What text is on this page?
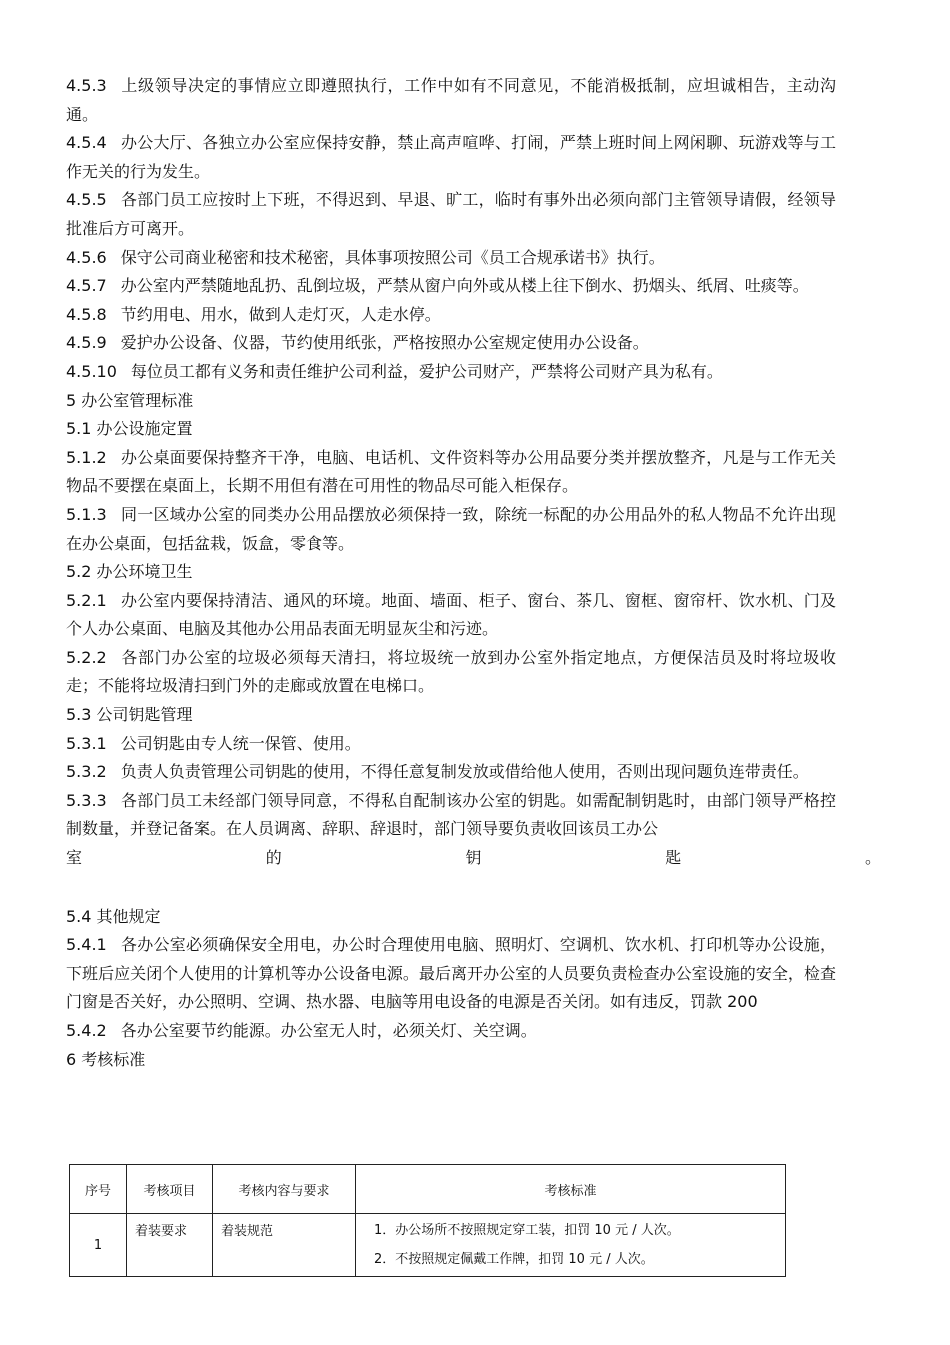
4.5.3 上级领导决定的事情应立即遵照执行，工作中如有不同意见，不能消极抵制，应坦诚相告，主动沟通。

4.5.4 办公大厅、各独立办公室应保持安静，禁止高声喧哗、打闹，严禁上班时间上网闲聊、玩游戏等与工作无关的行为发生。

4.5.5 各部门员工应按时上下班，不得迟到、早退、旷工，临时有事外出必须向部门主管领导请假，经领导批准后方可离开。

4.5.6 保守公司商业秘密和技术秘密，具体事项按照公司《员工合规承诺书》执行。

4.5.7 办公室内严禁随地乱扔、乱倒垃圾，严禁从窗户向外或从楼上往下倒水、扔烟头、纸屑、吐痰等。

4.5.8 节约用电、用水，做到人走灯灭，人走水停。

4.5.9 爱护办公设备、仪器，节约使用纸张，严格按照办公室规定使用办公设备。

4.5.10 每位员工都有义务和责任维护公司利益，爱护公司财产，严禁将公司财产具为私有。

5 办公室管理标准

5.1 办公设施定置

5.1.2 办公桌面要保持整齐干净，电脑、电话机、文件资料等办公用品要分类并摆放整齐，凡是与工作无关物品不要摆在桌面上，长期不用但有潜在可用性的物品尽可能入柜保存。

5.1.3 同一区域办公室的同类办公用品摆放必须保持一致，除统一标配的办公用品外的私人物品不允许出现在办公桌面，包括盆栽，饭盒，零食等。

5.2 办公环境卫生

5.2.1 办公室内要保持清洁、通风的环境。地面、墙面、柜子、窗台、茶几、窗框、窗帘杆、饮水机、门及个人办公桌面、电脑及其他办公用品表面无明显灰尘和污迹。

5.2.2 各部门办公室的垃圾必须每天清扫，将垃圾统一放到办公室外指定地点，方便保洁员及时将垃圾收走；不能将垃圾清扫到门外的走廊或放置在电梯口。

5.3 公司钥匙管理

5.3.1 公司钥匙由专人统一保管、使用。

5.3.2 负责人负责管理公司钥匙的使用，不得任意复制发放或借给他人使用，否则出现问题负连带责任。

5.3.3 各部门员工未经部门领导同意，不得私自配制该办公室的钥匙。如需配制钥匙时，由部门领导严格控制数量，并登记备案。在人员调离、辞职、辞退时，部门领导要负责收回该员工办公

室	的	钥	匙	。

5.4 其他规定

5.4.1 各办公室必须确保安全用电，办公时合理使用电脑、照明灯、空调机、饮水机、打印机等办公设施，下班后应关闭个人使用的计算机等办公设备电源。最后离开办公室的人员要负责检查办公室设施的安全，检查门窗是否关好，办公照明、空调、热水器、电脑等用电设备的电源是否关闭。如有违反，罚款 200

5.4.2 各办公室要节约能源。办公室无人时，必须关灯、关空调。

6 考核标准

序号	考核项目	考核内容与要求	考核标准
1	着装要求	着装规范	1．办公场所不按照规定穿工装，扣罚 10 元 / 人次。
2．不按照规定佩戴工作牌，扣罚 10 元 / 人次。
